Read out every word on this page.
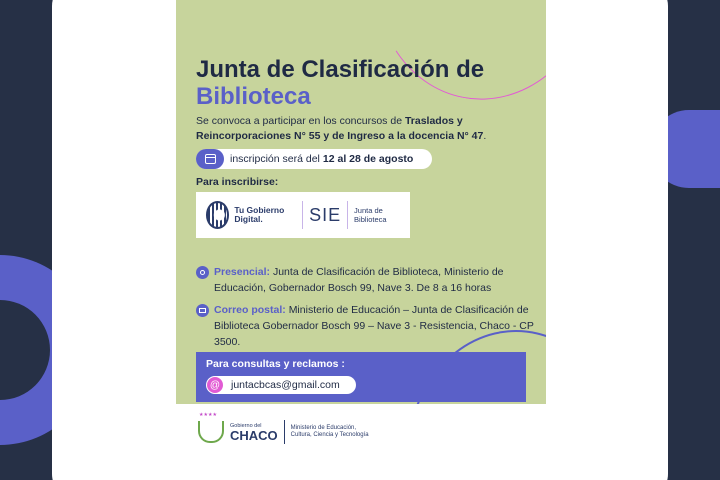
Junta de Clasificación de
Biblioteca
Se convoca a participar en los concursos de Traslados y Reincorporaciones N° 55 y de Ingreso a la docencia N° 47.
inscripción será del 12 al 28 de agosto
Para inscribirse:
Tu Gobierno Digital.	SIE Junta de Biblioteca
Presencial: Junta de Clasificación de Biblioteca, Ministerio de Educación, Gobernador Bosch 99, Nave 3. De 8 a 16 horas
Correo postal: Ministerio de Educación – Junta de Clasificación de Biblioteca Gobernador Bosch 99 – Nave 3 - Resistencia, Chaco - CP 3500.
Para consultas y reclamos :
@ juntacbcas@gmail.com
★★★★
Gobierno del
CHACO Ministerio de Educación, Cultura, Ciencia y Tecnología
